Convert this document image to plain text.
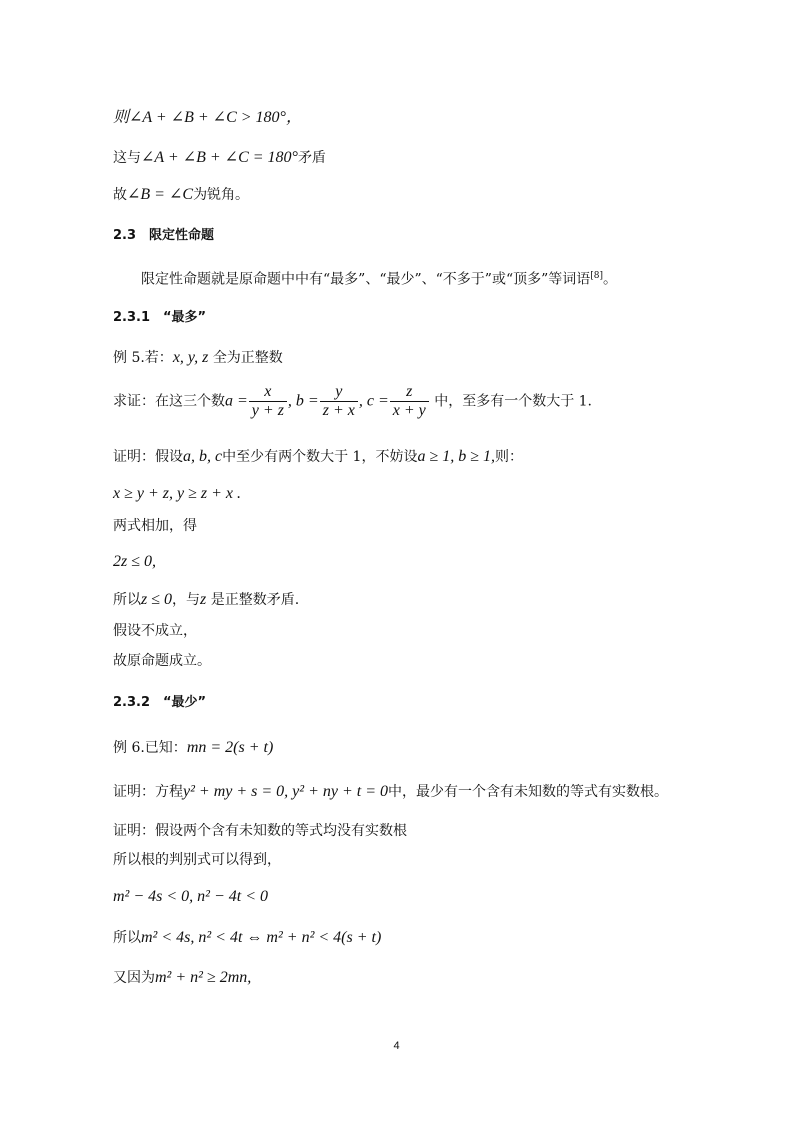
则∠A + ∠B + ∠C > 180°，
这与∠A + ∠B + ∠C = 180°矛盾
故∠B = ∠C为锐角。
2.3　限定性命题
限定性命题就是原命题中中有“最多”、“最少”、“不多于”或“顶多”等词语[8]。
2.3.1　“最多”
例 5.若：x, y, z 全为正整数
求证：在这三个数$a = \frac{x}{y + z}$ , $b = \frac{y}{z + x}$ , $c = \frac{z}{x + y}$ 中，至多有一个数大于 1.
证明：假设a, b, c中至少有两个数大于 1，不妨设a ≥ 1, b ≥ 1,则：
x ≥ y + z, y ≥ z + x .
两式相加，得
2z ≤ 0,
所以z ≤ 0，与z 是正整数矛盾.
假设不成立，
故原命题成立。
2.3.2　“最少”
例 6.已知：mn = 2(s + t)
证明：方程y² + my + s = 0, y² + ny + t = 0中，最少有一个含有未知数的等式有实数根。
证明：假设两个含有未知数的等式均没有实数根
所以根的判别式可以得到，
m² − 4s < 0, n² − 4t < 0
所以m² < 4s, n² < 4t ⇔ m² + n² < 4(s + t)
又因为m² + n² ≥ 2mn,
4
